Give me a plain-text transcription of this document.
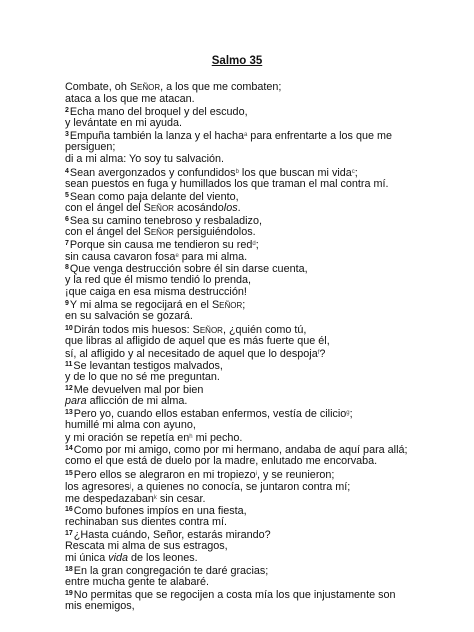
Salmo 35
Combate, oh Señor, a los que me combaten;
ataca a los que me atacan.
$^2$Echa mano del broquel y del escudo,
y levántate en mi ayuda.
$^3$Empuña también la lanza y el hacha$^a$ para enfrentarte a los que me
persiguen;
di a mi alma: Yo soy tu salvación.
$^4$Sean avergonzados y confundidos$^b$ los que buscan mi vida$^c$;
sean puestos en fuga y humillados los que traman el mal contra mí.
$^5$Sean como paja delante del viento,
con el ángel del Señor acosándolos.
$^6$Sea su camino tenebroso y resbaladizo,
con el ángel del Señor persiguiéndolos.
$^7$Porque sin causa me tendieron su red$^d$;
sin causa cavaron fosa$^e$ para mi alma.
$^8$Que venga destrucción sobre él sin darse cuenta,
y la red que él mismo tendió lo prenda,
¡que caiga en esa misma destrucción!
$^9$Y mi alma se regocijará en el Señor;
en su salvación se gozará.
$^{10}$Dirán todos mis huesos: Señor, ¿quién como tú,
que libras al afligido de aquel que es más fuerte que él,
sí, al afligido y al necesitado de aquel que lo despoja$^f$?
$^{11}$Se levantan testigos malvados,
y de lo que no sé me preguntan.
$^{12}$Me devuelven mal por bien
para aflicción de mi alma.
$^{13}$Pero yo, cuando ellos estaban enfermos, vestía de cilicio$^g$;
humillé mi alma con ayuno,
y mi oración se repetía en$^h$ mi pecho.
$^{14}$Como por mi amigo, como por mi hermano, andaba de aquí para allá;
como el que está de duelo por la madre, enlutado me encorvaba.
$^{15}$Pero ellos se alegraron en mi tropiezo$^i$, y se reunieron;
los agresores$^j$, a quienes no conocía, se juntaron contra mí;
me despedazaban$^k$ sin cesar.
$^{16}$Como bufones impíos en una fiesta,
rechinaban sus dientes contra mí.
$^{17}$¿Hasta cuándo, Señor, estarás mirando?
Rescata mi alma de sus estragos,
mi única vida de los leones.
$^{18}$En la gran congregación te daré gracias;
entre mucha gente te alabaré.
$^{19}$No permitas que se regocijen a costa mía los que injustamente son
mis enemigos,
